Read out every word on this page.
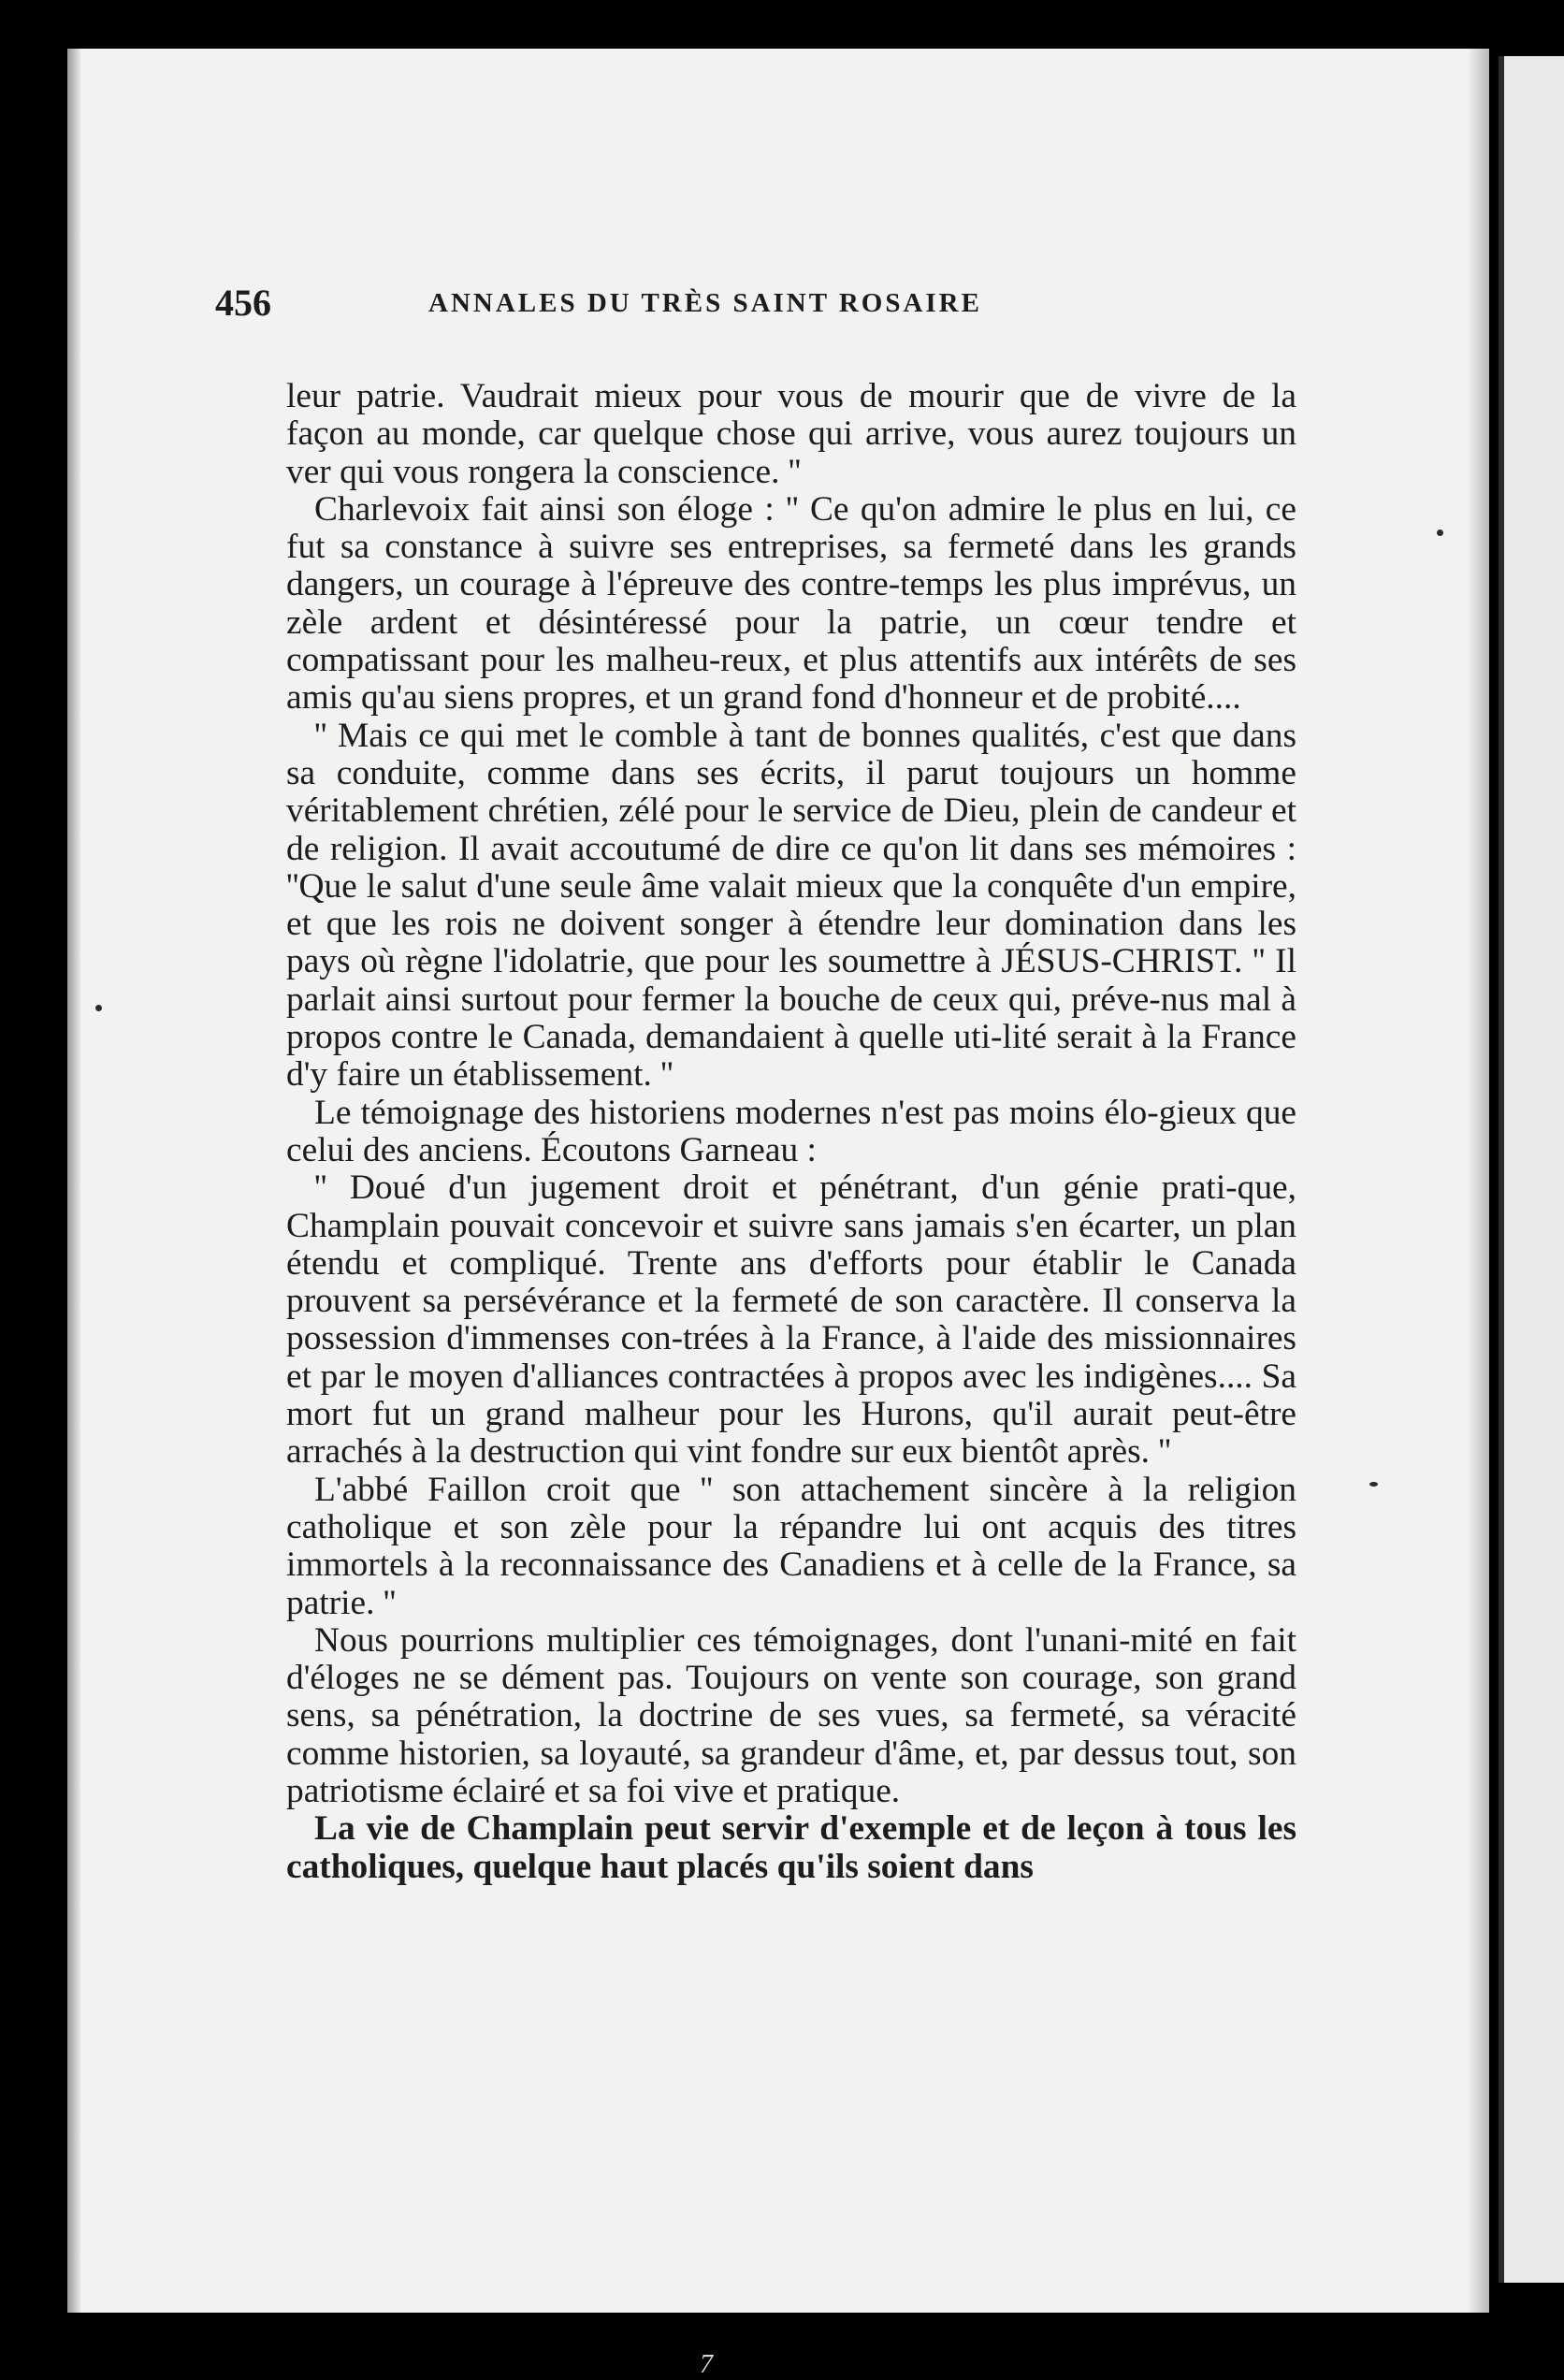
456	ANNALES DU TRÈS SAINT ROSAIRE

leur patrie. Vaudrait mieux pour vous de mourir que de vivre de la façon au monde, car quelque chose qui arrive, vous aurez toujours un ver qui vous rongera la conscience. ''

Charlevoix fait ainsi son éloge : '' Ce qu'on admire le plus en lui, ce fut sa constance à suivre ses entreprises, sa fermeté dans les grands dangers, un courage à l'épreuve des contre-temps les plus imprévus, un zèle ardent et désintéressé pour la patrie, un cœur tendre et compatissant pour les malheu-reux, et plus attentifs aux intérêts de ses amis qu'au siens propres, et un grand fond d'honneur et de probité....

'' Mais ce qui met le comble à tant de bonnes qualités, c'est que dans sa conduite, comme dans ses écrits, il parut toujours un homme véritablement chrétien, zélé pour le service de Dieu, plein de candeur et de religion. Il avait accoutumé de dire ce qu'on lit dans ses mémoires : ''Que le salut d'une seule âme valait mieux que la conquête d'un empire, et que les rois ne doivent songer à étendre leur domination dans les pays où règne l'idolatrie, que pour les soumettre à JÉSUS-CHRIST. '' Il parlait ainsi surtout pour fermer la bouche de ceux qui, préve-nus mal à propos contre le Canada, demandaient à quelle uti-lité serait à la France d'y faire un établissement. ''

Le témoignage des historiens modernes n'est pas moins élo-gieux que celui des anciens. Écoutons Garneau :

'' Doué d'un jugement droit et pénétrant, d'un génie prati-que, Champlain pouvait concevoir et suivre sans jamais s'en écarter, un plan étendu et compliqué. Trente ans d'efforts pour établir le Canada prouvent sa persévérance et la fermeté de son caractère. Il conserva la possession d'immenses con-trées à la France, à l'aide des missionnaires et par le moyen d'alliances contractées à propos avec les indigènes.... Sa mort fut un grand malheur pour les Hurons, qu'il aurait peut-être arrachés à la destruction qui vint fondre sur eux bientôt après. ''

L'abbé Faillon croit que '' son attachement sincère à la religion catholique et son zèle pour la répandre lui ont acquis des titres immortels à la reconnaissance des Canadiens et à celle de la France, sa patrie. ''

Nous pourrions multiplier ces témoignages, dont l'unani-mité en fait d'éloges ne se dément pas. Toujours on vente son courage, son grand sens, sa pénétration, la doctrine de ses vues, sa fermeté, sa véracité comme historien, sa loyauté, sa grandeur d'âme, et, par dessus tout, son patriotisme éclairé et sa foi vive et pratique.

La vie de Champlain peut servir d'exemple et de leçon à tous les catholiques, quelque haut placés qu'ils soient dans

7
